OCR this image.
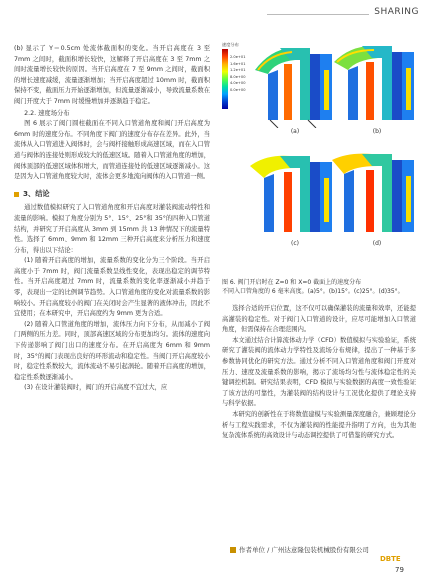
SHARING

(b) 显示了 Y＝0.5cm 处流体截面积的变化。当开启高度在 3 至 7mm 之间时，截面积增长较快，这解释了开启高度在 3 至 7mm 之间时流量增长较快的原因。当开启高度在 7 至 9mm 之间时，截面积的增长速度减缓，流量逐渐增加；当开启高度超过 10mm 时，截面积保持不变，截面压力开始逐渐增加，但流量逐渐减小，导致流量系数在阀门开度大于 7mm 时缓慢增加并逐渐趋于稳定。

2.2. 速度场分布

图 6 展示了阀门圆柱截面在不同入口管道角度和阀门开启高度为 6mm 时的速度分布。不同角度下阀门的速度分布存在差异。此外，当流体从入口管道进入阀体时，会与阀杆接触形成高速区域，而在入口管道与阀体的连接处则形成较大的低速区域。随着入口管道角度的增加，阀体顶部的低速区域体积增大，而管道连接处的低速区域逐渐减小。这是因为入口管道角度较大时，流体会更多地流向阀体的入口管道一侧。

3、结论

通过数值模拟研究了入口管道角度和开启高度对灌装阀流动特性和流量的影响。模拟了角度分别为 5°、15°、25°和 35°的四种入口管道结构，并研究了开启高度从 3mm 到 15mm 共 13 种情况下的流量特性。选择了 6mm、9mm 和 12mm 三种开启高度来分析压力和速度分布，得出以下结论：

(1) 随着开启高度的增加，流量系数的变化分为三个阶段。当开启高度小于 7mm 时，阀门流量系数呈线性变化，表现出稳定的调节特性。当开启高度超过 7mm 时，流量系数的变化率逐渐减小并趋于零，表现出一定的比例调节趋势。入口管道角度的变化对流量系数的影响较小。开启高度较小的阀门在关闭时会产生显著的液体冲击，因此不宜使用；在本研究中，开启高度约为 9mm 更为合适。

(2) 随着入口管道角度的增加，流体压力向下分布，从而减小了阀门两侧的压力差。同时，顶部高速区域的分布更加均匀。流体的速度向下传递影响了阀门出口的速度分布。在开启高度为 6mm 和 9mm 时，35°的阀门表现出良好的环形流动和稳定性。当阀门开启高度较小时，稳定性系数较大，流体流动不易引起涡轮。随着开启高度的增加，稳定性系数逐渐减小。

(3) 在设计灌装阀时，阀门的开启高度不宜过大，应

速度分布
2.0e+01
1.6e+01
1.2e+01
8.0e+00
4.0e+00
0.0e+00
(a)	(b)
(c)	(d)
图 6. 阀门开启时在 Z=0 和 X=0 截面上的速度分布
不同入口管角度的 6 毫米高度。(a)5°。(b)15°。(c)25°。(d)35°。

选择合适的开启位置，这不仅可以确保灌装的流量和效率，还能提高灌装的稳定性。对于阀门入口管道的设计，应尽可能增加入口管道角度，但需保持在合理范围内。

本文通过结合计算流体动力学（CFD）数值模拟与实验验证，系统研究了灌装阀的流体动力学特性及流场分布规律，提出了一种基于多参数协同优化的研究方法。通过分析不同入口管道角度和阀门开度对压力、速度及流量系数的影响，揭示了流场均匀性与流体稳定性的关键调控机制。研究结果表明，CFD 模拟与实验数据的高度一致性验证了该方法的可靠性，为灌装阀的结构设计与工况优化提供了理论支持与科学依据。

本研究的创新性在于将数值建模与实验测量深度融合，兼顾理论分析与工程实践需求，不仅为灌装阀的性能提升指明了方向，也为其他复杂流体系统的高效设计与动态调控提供了可借鉴的研究方式。

作者单位 / 广州达意隆包装机械股份有限公司
DBTE
79
